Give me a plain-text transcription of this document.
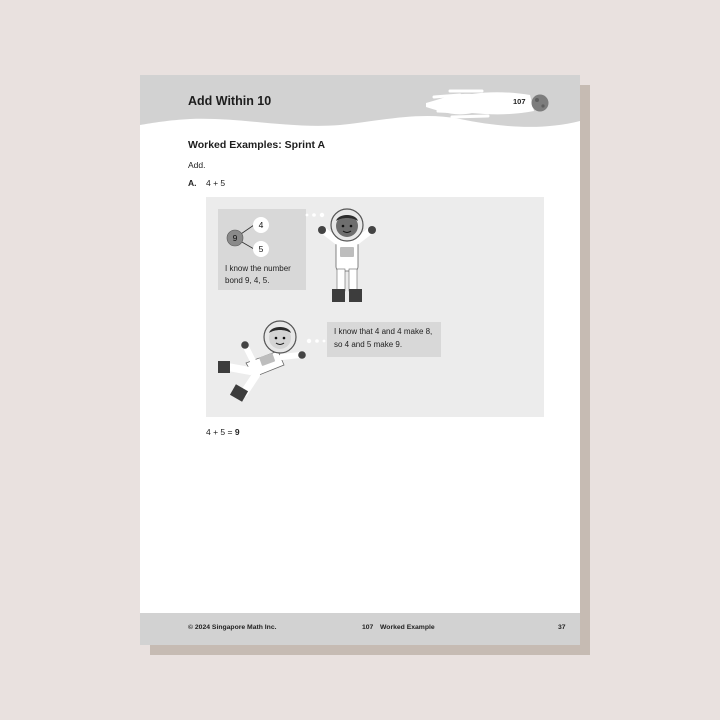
Add Within 10	107
Worked Examples: Sprint A
Add.
A. 4 + 5
9
4
5
I know the number bond 9, 4, 5.
I know that 4 and 4 make 8, so 4 and 5 make 9.
4 + 5 = 9
© 2024 Singapore Math Inc.	107 Worked Example	37
